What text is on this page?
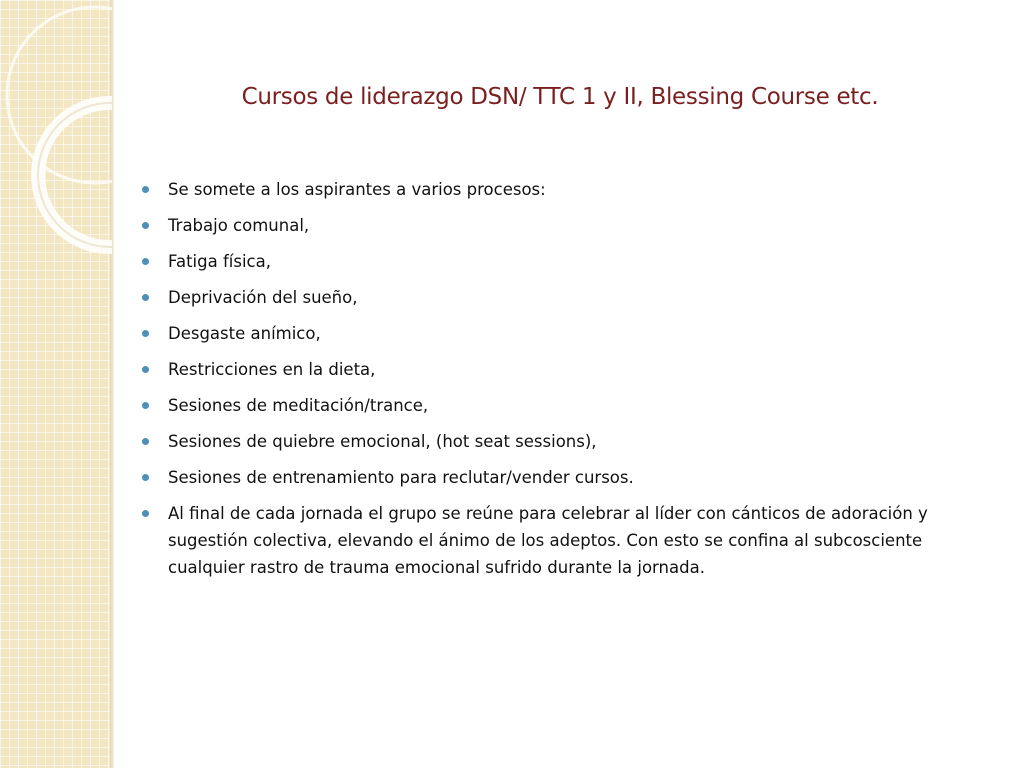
Cursos de liderazgo DSN/ TTC 1 y II, Blessing Course etc.
Se somete a los aspirantes a varios procesos:
Trabajo comunal,
Fatiga física,
Deprivación del sueño,
Desgaste anímico,
Restricciones en la dieta,
Sesiones de meditación/trance,
Sesiones de quiebre emocional, (hot seat sessions),
Sesiones de entrenamiento para reclutar/vender cursos.
Al final de cada jornada el grupo se reúne para celebrar al líder con cánticos de adoración y sugestión colectiva, elevando el ánimo de los adeptos. Con esto se confina al subcosciente cualquier rastro de trauma emocional sufrido durante la jornada.
